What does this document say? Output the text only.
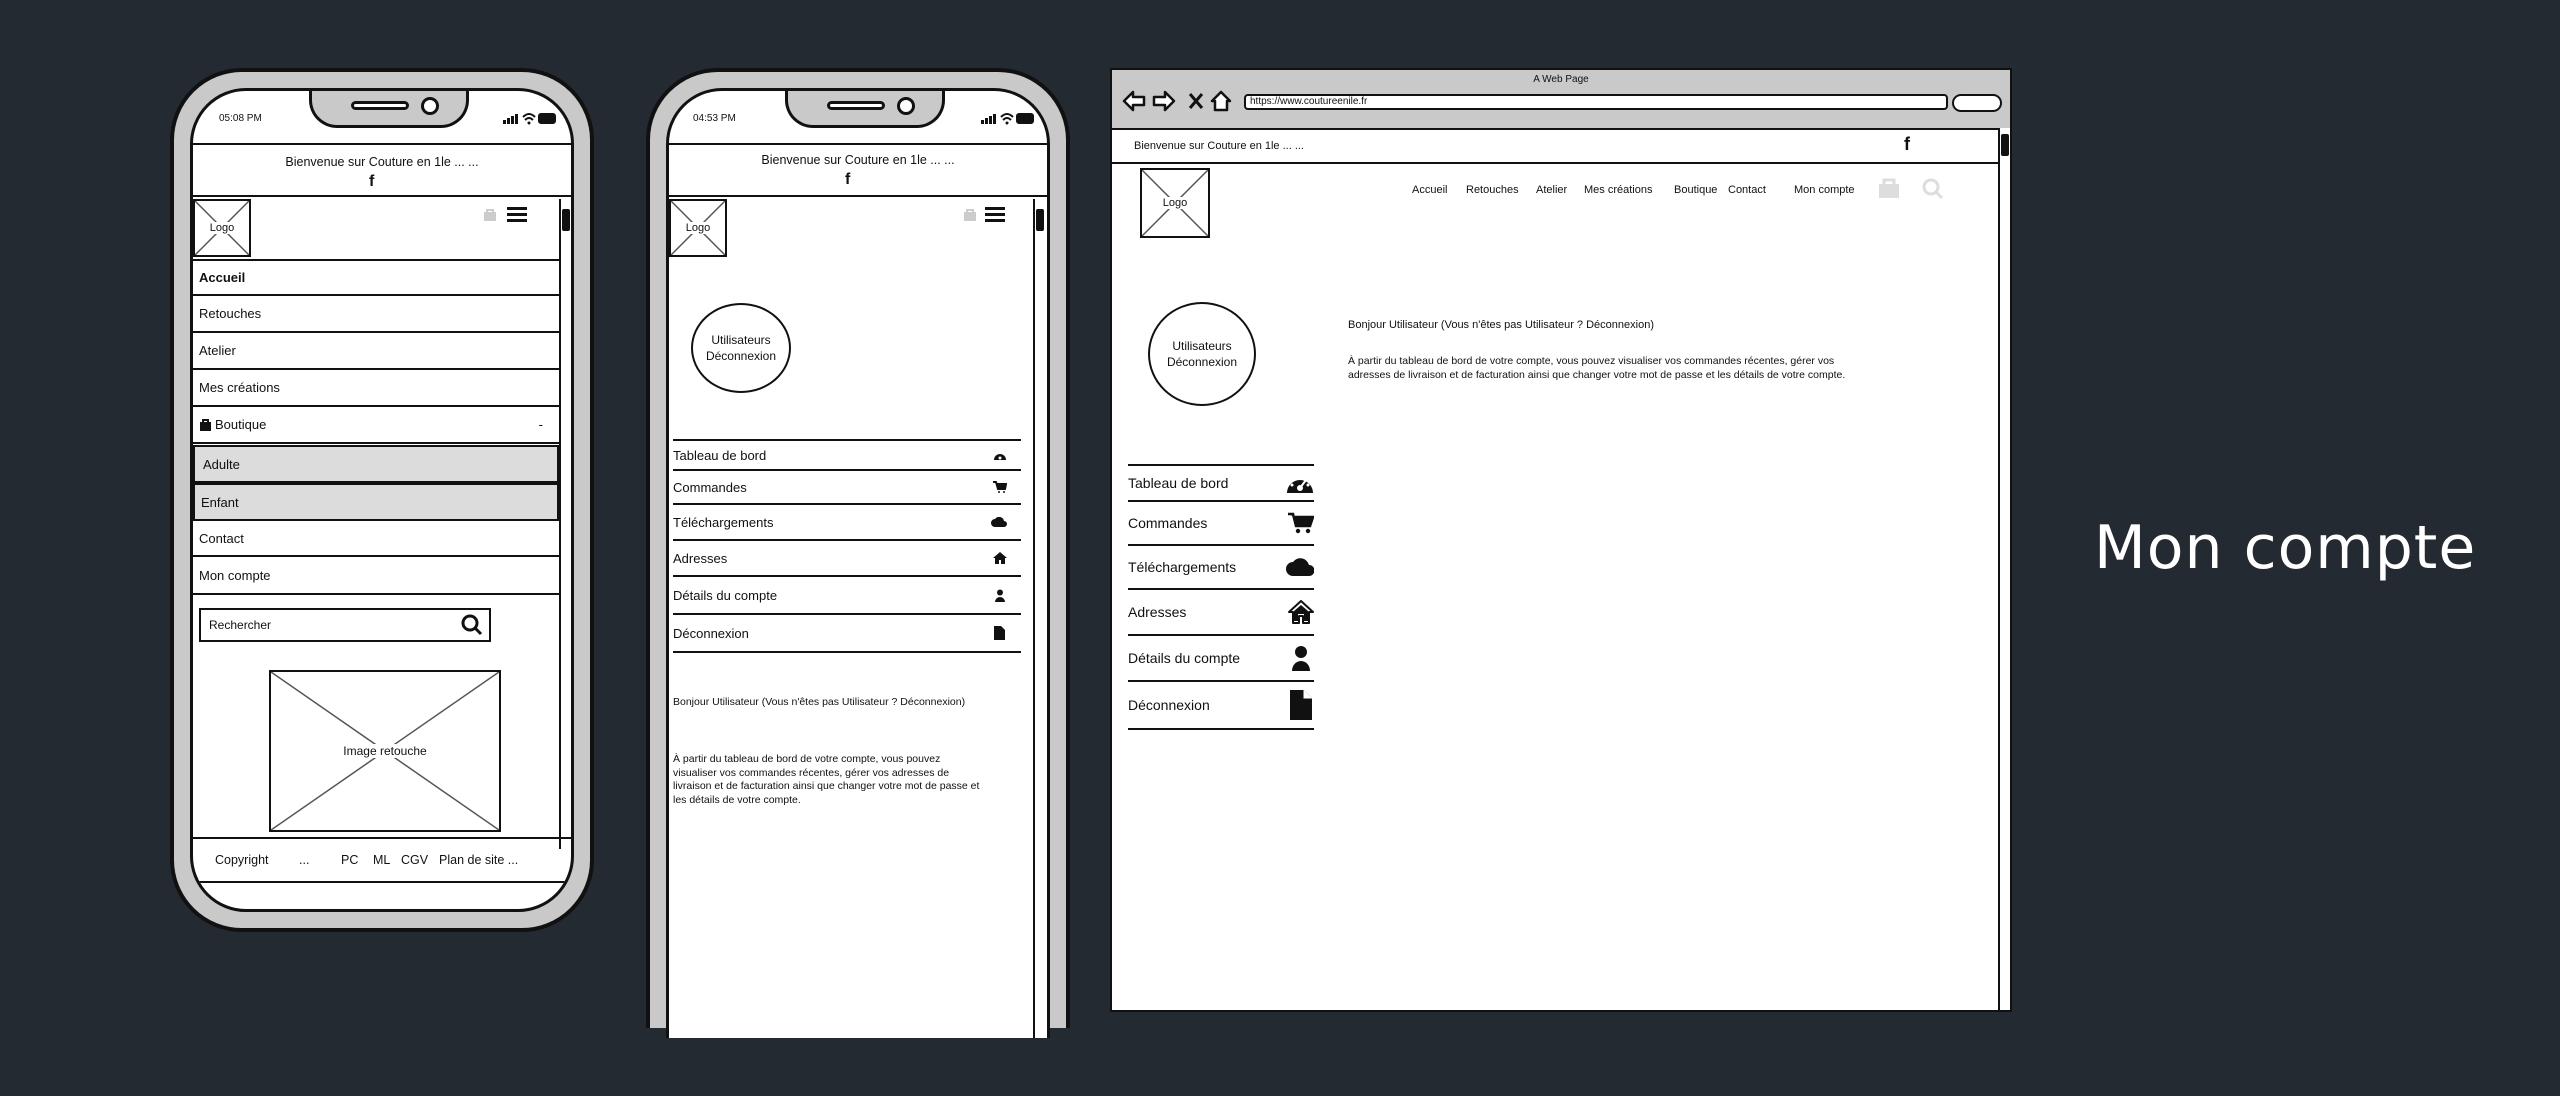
05:08 PM
Bienvenue sur Couture en 1le ... ...
f
Logo
Accueil
Retouches
Atelier
Mes créations
Boutique	-
Adulte
Enfant
Contact
Mon compte
Rechercher
Image retouche
Copyright ...	PC ML CGV Plan de site ...
04:53 PM
Bienvenue sur Couture en 1le ... ...
f
Logo
Utilisateurs
Déconnexion
Tableau de bord
Commandes
Téléchargements
Adresses
Détails du compte
Déconnexion
Bonjour Utilisateur (Vous n'êtes pas Utilisateur ? Déconnexion)
À partir du tableau de bord de votre compte, vous pouvez visualiser vos commandes récentes, gérer vos adresses de livraison et de facturation ainsi que changer votre mot de passe et les détails de votre compte.
A Web Page
https://www.coutureenile.fr
Bienvenue sur Couture en 1le ... ...	f
Logo
Accueil Retouches Atelier Mes créations Boutique Contact	Mon compte
Utilisateurs
Déconnexion
Tableau de bord
Commandes
Téléchargements
Adresses
Détails du compte
Déconnexion
Bonjour Utilisateur (Vous n'êtes pas Utilisateur ? Déconnexion)
À partir du tableau de bord de votre compte, vous pouvez visualiser vos commandes récentes, gérer vos
adresses de livraison et de facturation ainsi que changer votre mot de passe et les détails de votre compte.
Mon compte
